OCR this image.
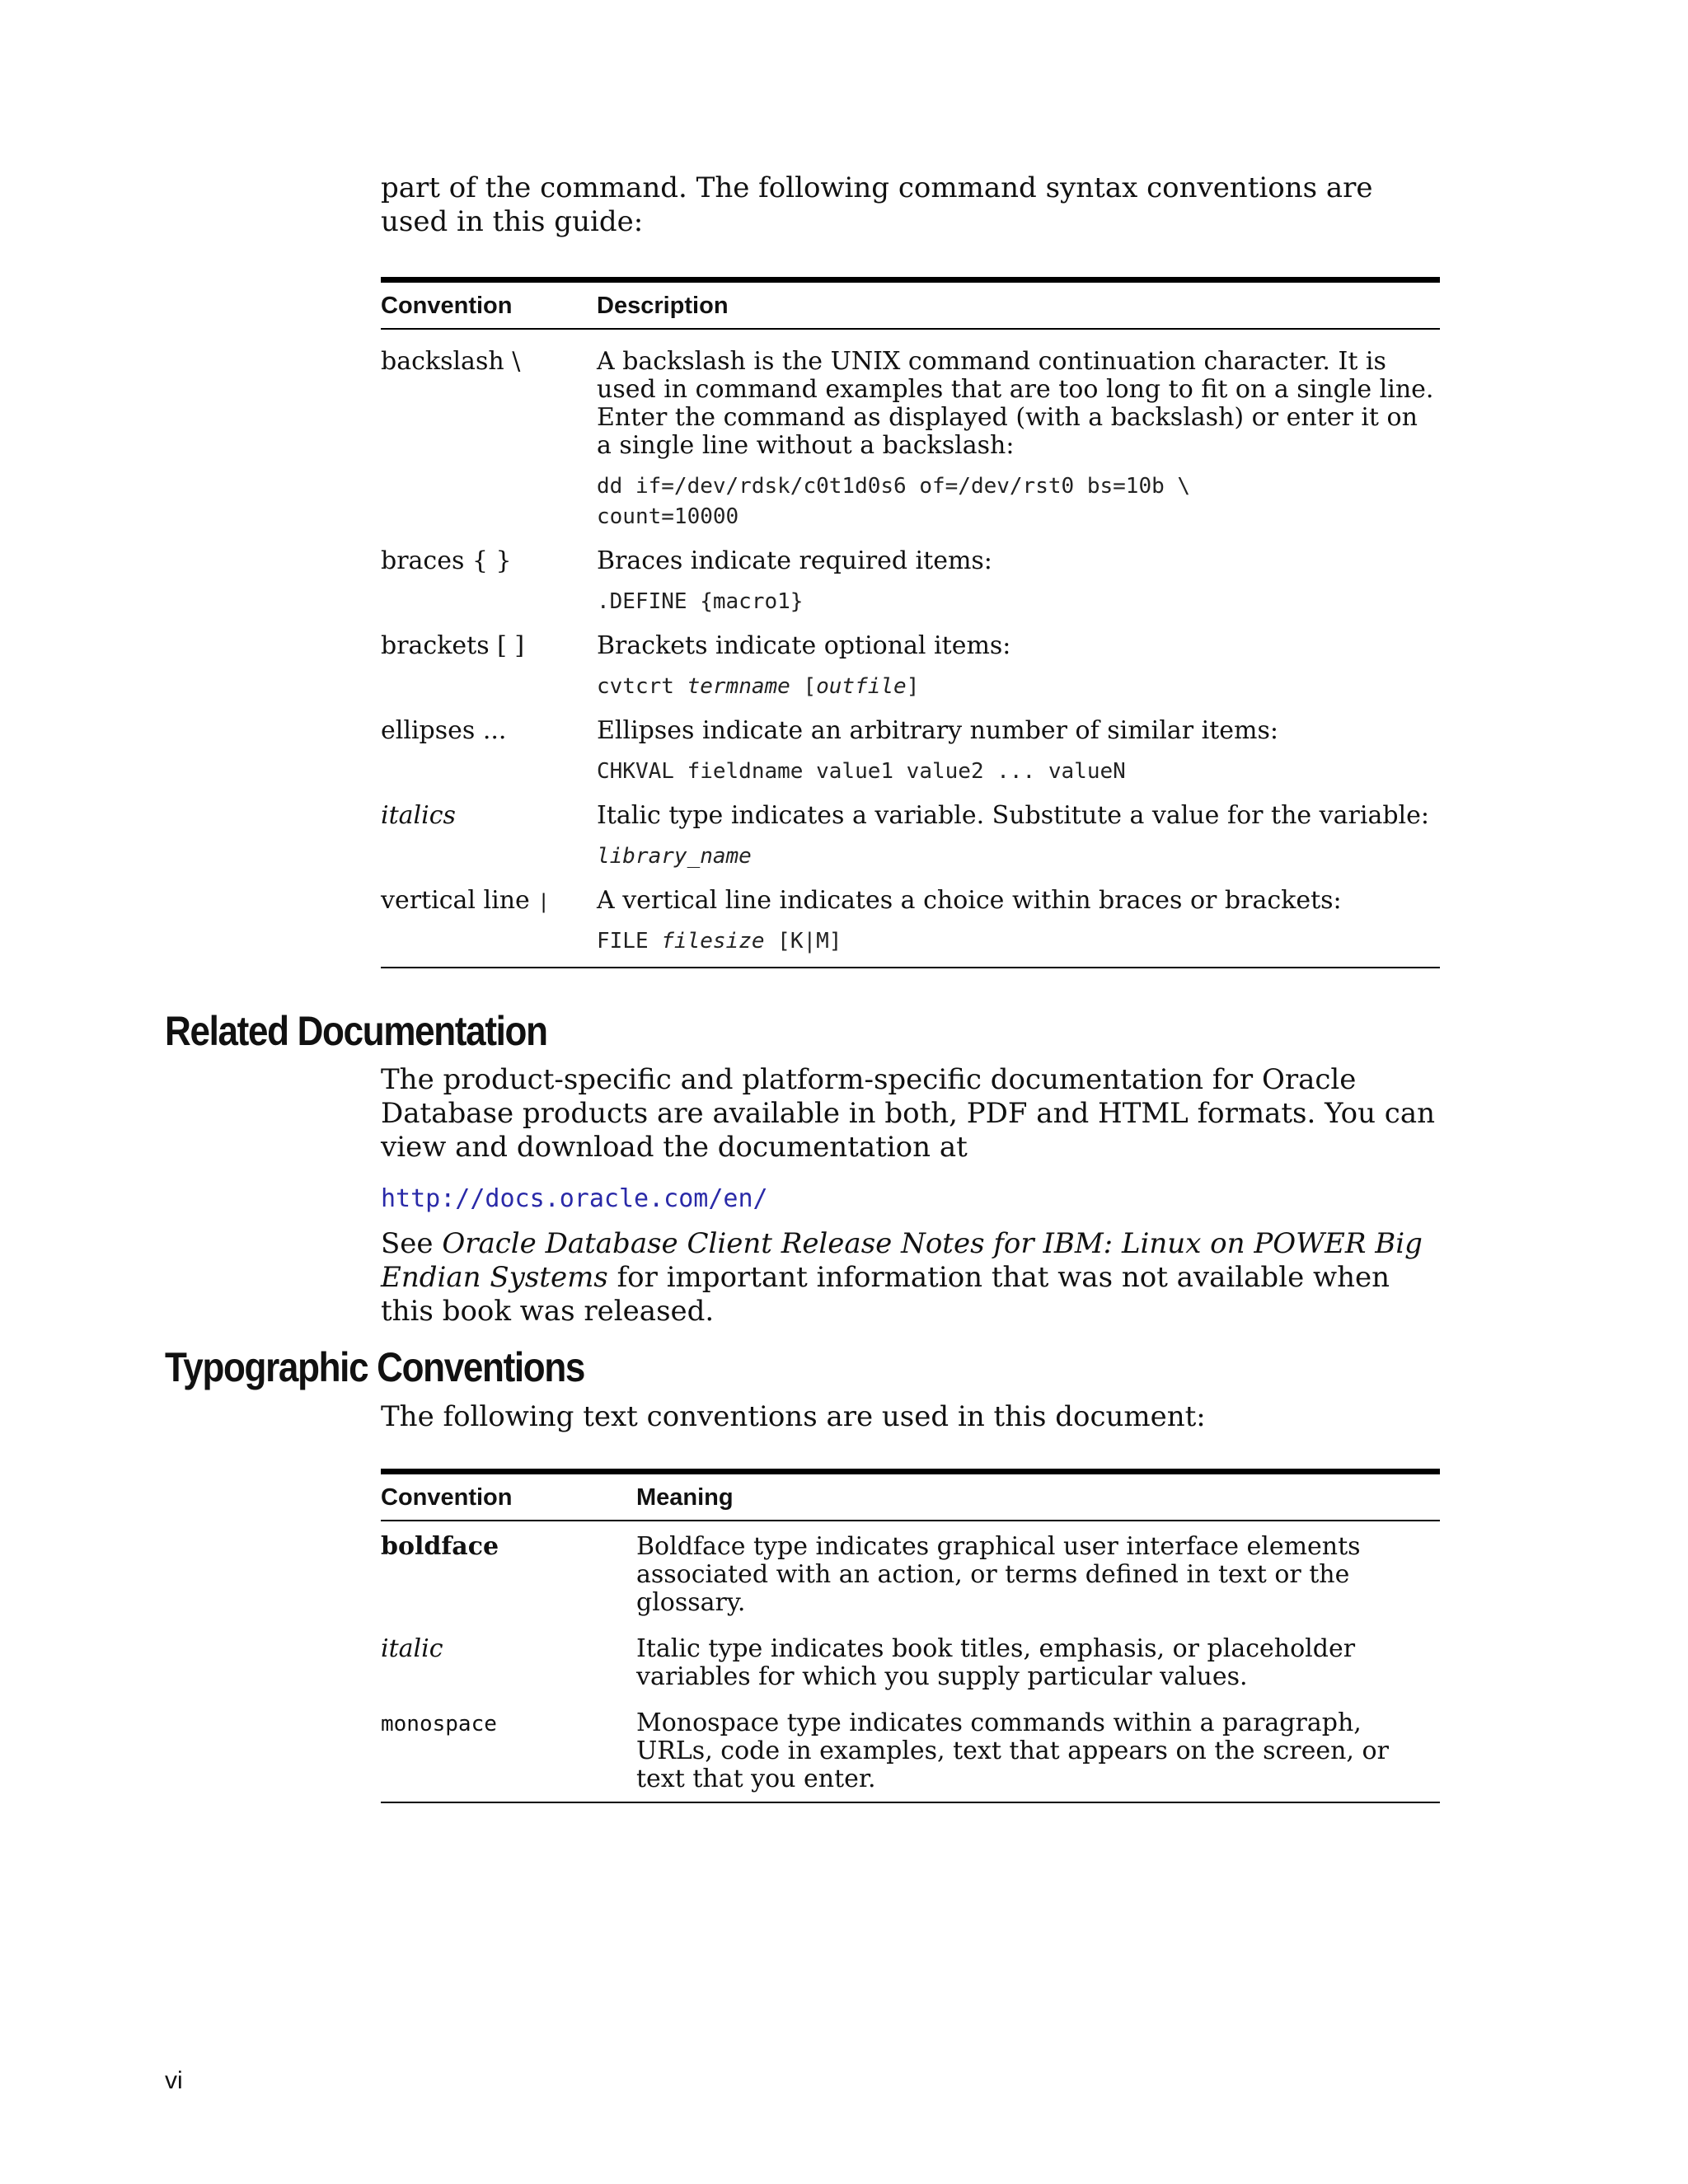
part of the command. The following command syntax conventions are used in this guide:

Convention	Description
backslash \	A backslash is the UNIX command continuation character. It is used in command examples that are too long to fit on a single line. Enter the command as displayed (with a backslash) or enter it on a single line without a backslash:

dd if=/dev/rdsk/c0t1d0s6 of=/dev/rst0 bs=10b \
count=10000

braces { }	Braces indicate required items:

.DEFINE {macro1}

brackets [ ]	Brackets indicate optional items:

cvtcrt termname [outfile]

ellipses ...	Ellipses indicate an arbitrary number of similar items:

CHKVAL fieldname value1 value2 ... valueN

italics	Italic type indicates a variable. Substitute a value for the variable:

library_name

vertical line |	A vertical line indicates a choice within braces or brackets:

FILE filesize [K|M]
Related Documentation

The product-specific and platform-specific documentation for Oracle Database products are available in both, PDF and HTML formats. You can view and download the documentation at

http://docs.oracle.com/en/

See Oracle Database Client Release Notes for IBM: Linux on POWER Big Endian Systems for important information that was not available when this book was released.

Typographic Conventions

The following text conventions are used in this document:

Convention	Meaning
boldface	Boldface type indicates graphical user interface elements associated with an action, or terms defined in text or the glossary.
italic	Italic type indicates book titles, emphasis, or placeholder variables for which you supply particular values.
monospace	Monospace type indicates commands within a paragraph, URLs, code in examples, text that appears on the screen, or text that you enter.
vi
